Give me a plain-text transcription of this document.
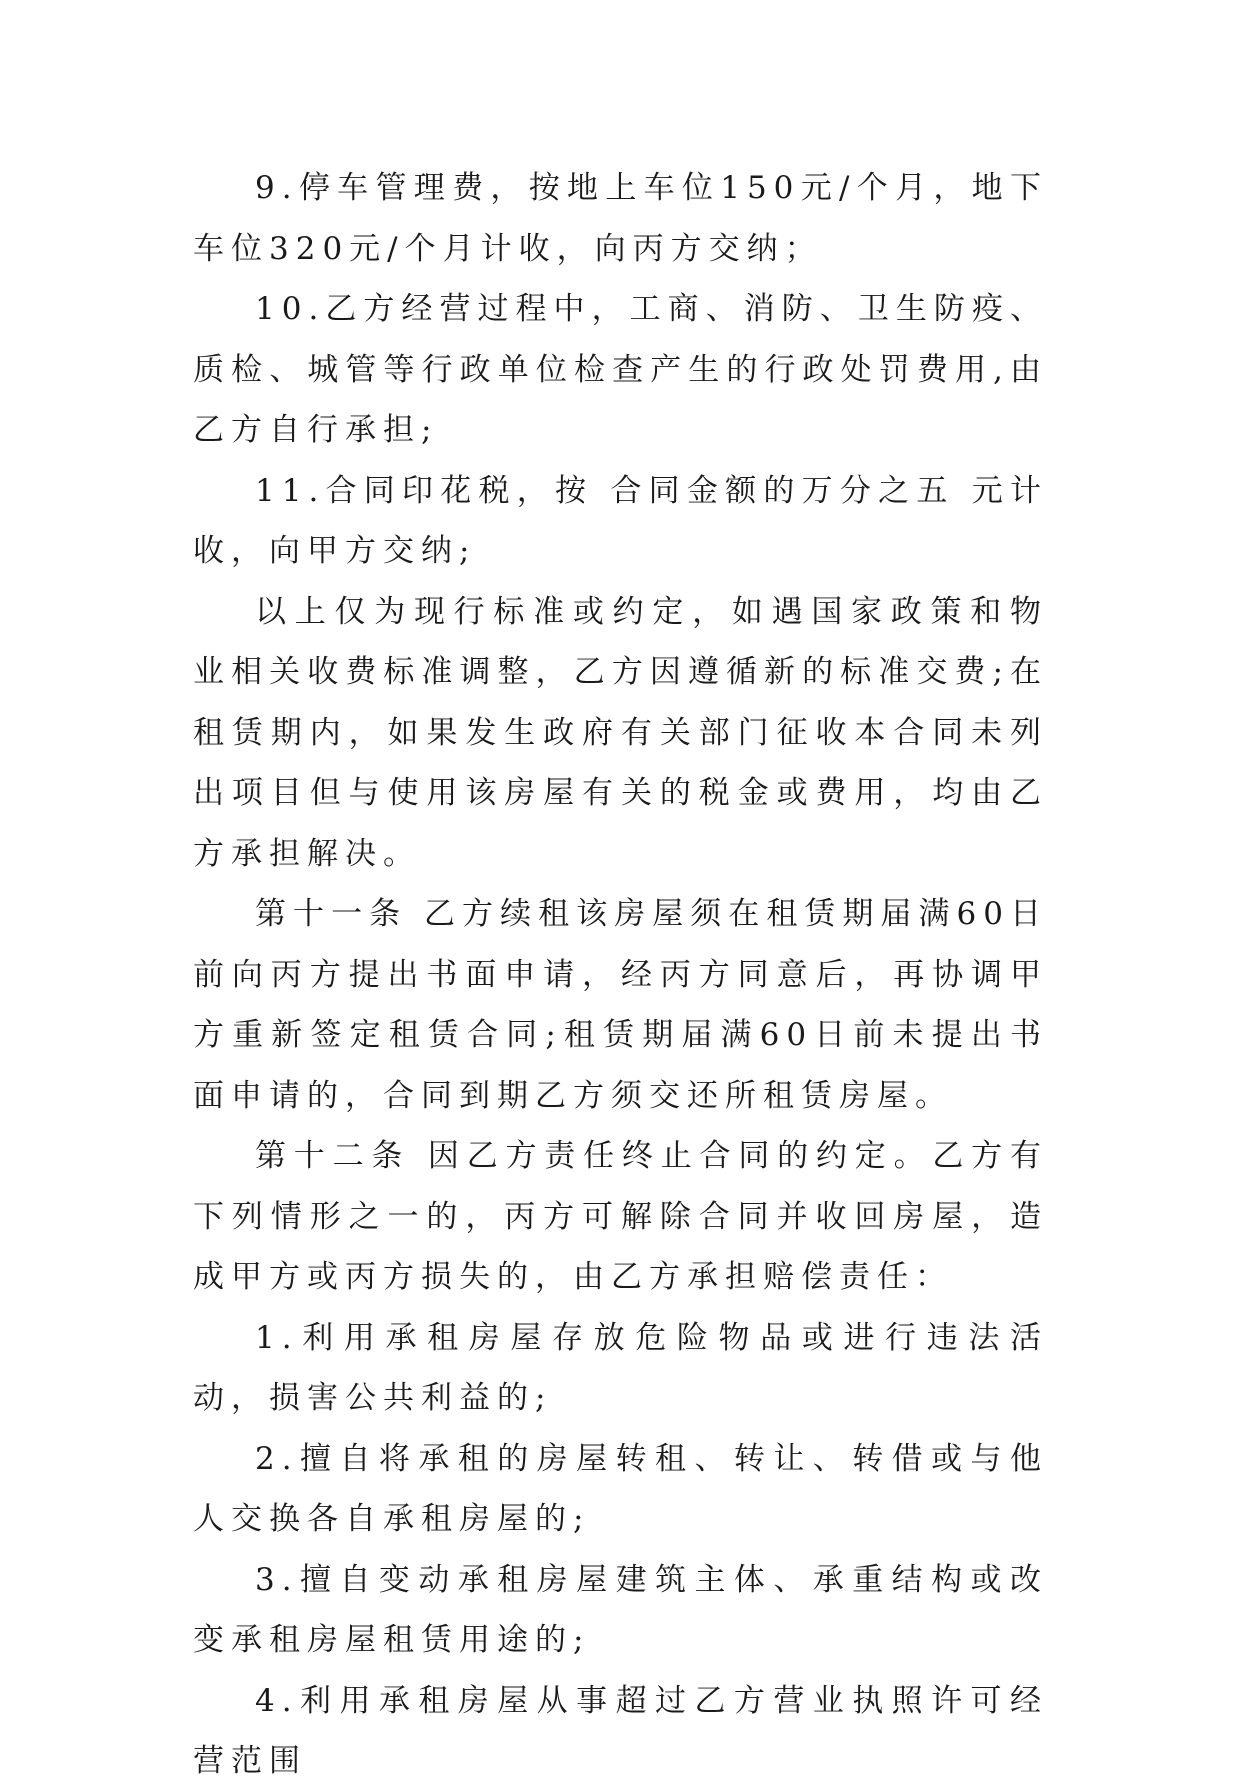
9.停车管理费，按地上车位150元/个月，地下车位320元/个月计收，向丙方交纳；

10.乙方经营过程中，工商、消防、卫生防疫、质检、城管等行政单位检查产生的行政处罚费用,由乙方自行承担;

11.合同印花税，按 合同金额的万分之五 元计收，向甲方交纳;

以上仅为现行标准或约定，如遇国家政策和物业相关收费标准调整，乙方因遵循新的标准交费;在租赁期内，如果发生政府有关部门征收本合同未列出项目但与使用该房屋有关的税金或费用，均由乙方承担解决。

第十一条 乙方续租该房屋须在租赁期届满60日前向丙方提出书面申请，经丙方同意后，再协调甲方重新签定租赁合同;租赁期届满60日前未提出书面申请的，合同到期乙方须交还所租赁房屋。

第十二条 因乙方责任终止合同的约定。乙方有下列情形之一的，丙方可解除合同并收回房屋，造成甲方或丙方损失的，由乙方承担赔偿责任：

1.利用承租房屋存放危险物品或进行违法活动，损害公共利益的;

2.擅自将承租的房屋转租、转让、转借或与他人交换各自承租房屋的;

3.擅自变动承租房屋建筑主体、承重结构或改变承租房屋租赁用途的;

4.利用承租房屋从事超过乙方营业执照许可经营范围
